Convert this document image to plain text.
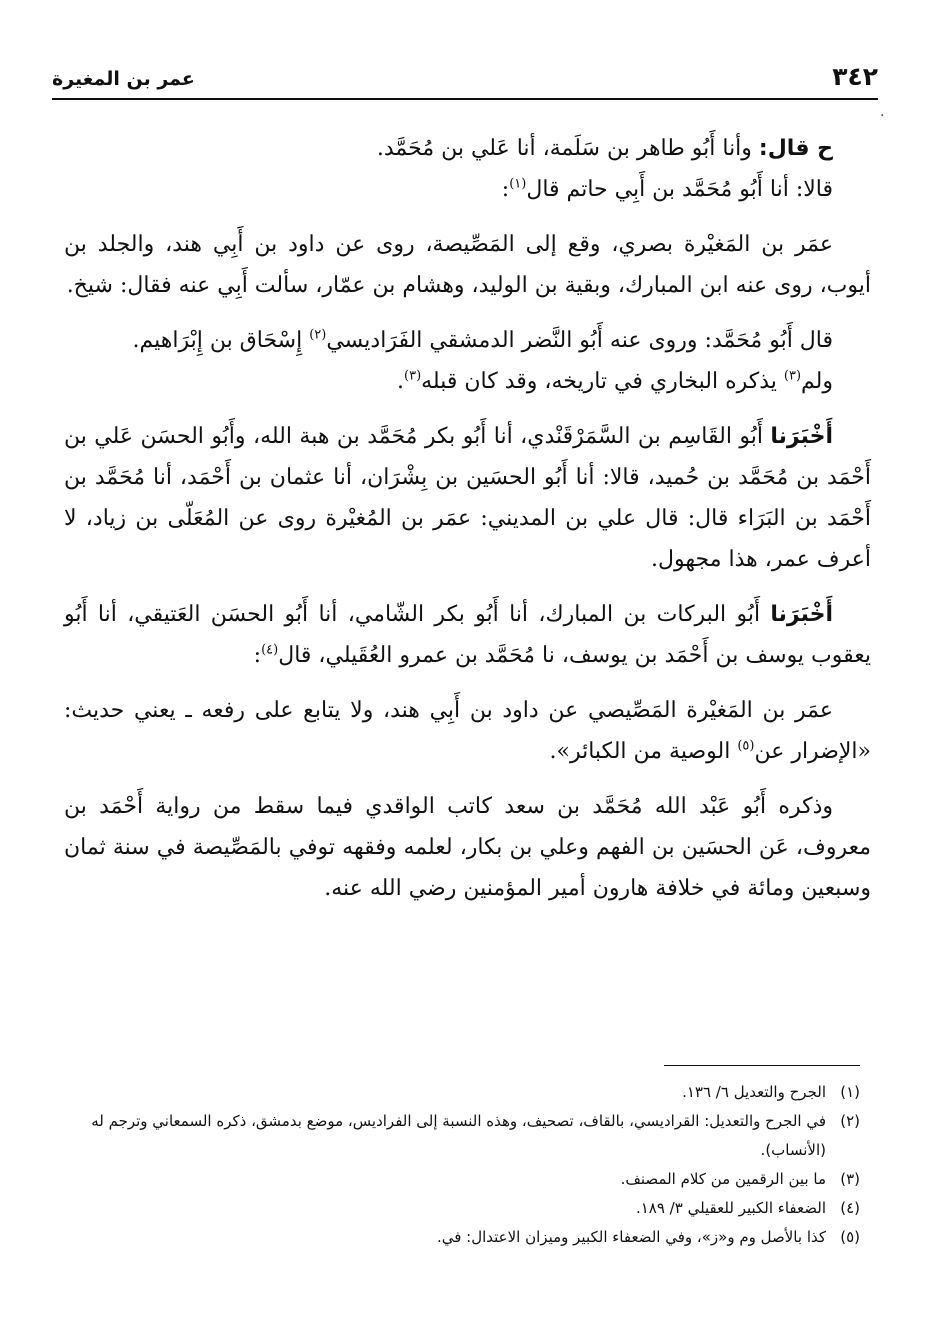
٣٤٢
عمر بن المغيرة
·

ح قال: وأنا أَبُو طاهر بن سَلَمة، أنا عَلي بن مُحَمَّد.

قالا: أنا أَبُو مُحَمَّد بن أَبِي حاتم قال$^{(١)}$:

عمَر بن المَغيْرة بصري، وقع إلى المَصِّيصة، روى عن داود بن أَبِي هند، والجلد بن أيوب، روى عنه ابن المبارك، وبقية بن الوليد، وهشام بن عمّار، سألت أَبِي عنه فقال: شيخ.

قال أَبُو مُحَمَّد: وروى عنه أَبُو النَّضر الدمشقي الفَرَاديسي$^{(٢)}$ إِسْحَاق بن إِبْرَاهيم.

ولم$^{(٣)}$ يذكره البخاري في تاريخه، وقد كان قبله$^{(٣)}$.

أَخْبَرَنا أَبُو القَاسِم بن السَّمَرْقَنْدي، أنا أَبُو بكر مُحَمَّد بن هبة الله، وأَبُو الحسَن عَلي بن أَحْمَد بن مُحَمَّد بن حُميد، قالا: أنا أَبُو الحسَين بن بِشْرَان، أنا عثمان بن أَحْمَد، أنا مُحَمَّد بن أَحْمَد بن البَرَاء قال: قال علي بن المديني: عمَر بن المُغيْرة روى عن المُعَلّى بن زياد، لا أعرف عمر، هذا مجهول.

أَخْبَرَنا أَبُو البركات بن المبارك، أنا أَبُو بكر الشّامي، أنا أَبُو الحسَن العَتيقي، أنا أَبُو يعقوب يوسف بن أَحْمَد بن يوسف، نا مُحَمَّد بن عمرو العُقَيلي، قال$^{(٤)}$:

عمَر بن المَغيْرة المَصِّيصي عن داود بن أَبِي هند، ولا يتابع على رفعه ـ يعني حديث: «الإضرار عن$^{(٥)}$ الوصية من الكبائر».

وذكره أَبُو عَبْد الله مُحَمَّد بن سعد كاتب الواقدي فيما سقط من رواية أَحْمَد بن معروف، عَن الحسَين بن الفهم وعلي بن بكار، لعلمه وفقهه توفي بالمَصِّيصة في سنة ثمان وسبعين ومائة في خلافة هارون أمير المؤمنين رضي الله عنه.

(١)
الجرح والتعديل ٦/ ١٣٦.
(٢)
في الجرح والتعديل: القراديسي، بالقاف، تصحيف، وهذه النسبة إلى الفراديس، موضع بدمشق، ذكره السمعاني وترجم له (الأنساب).
(٣)
ما بين الرقمين من كلام المصنف.
(٤)
الضعفاء الكبير للعقيلي ٣/ ١٨٩.
(٥)
كذا بالأصل وم و«ز»، وفي الضعفاء الكبير وميزان الاعتدال: في.
